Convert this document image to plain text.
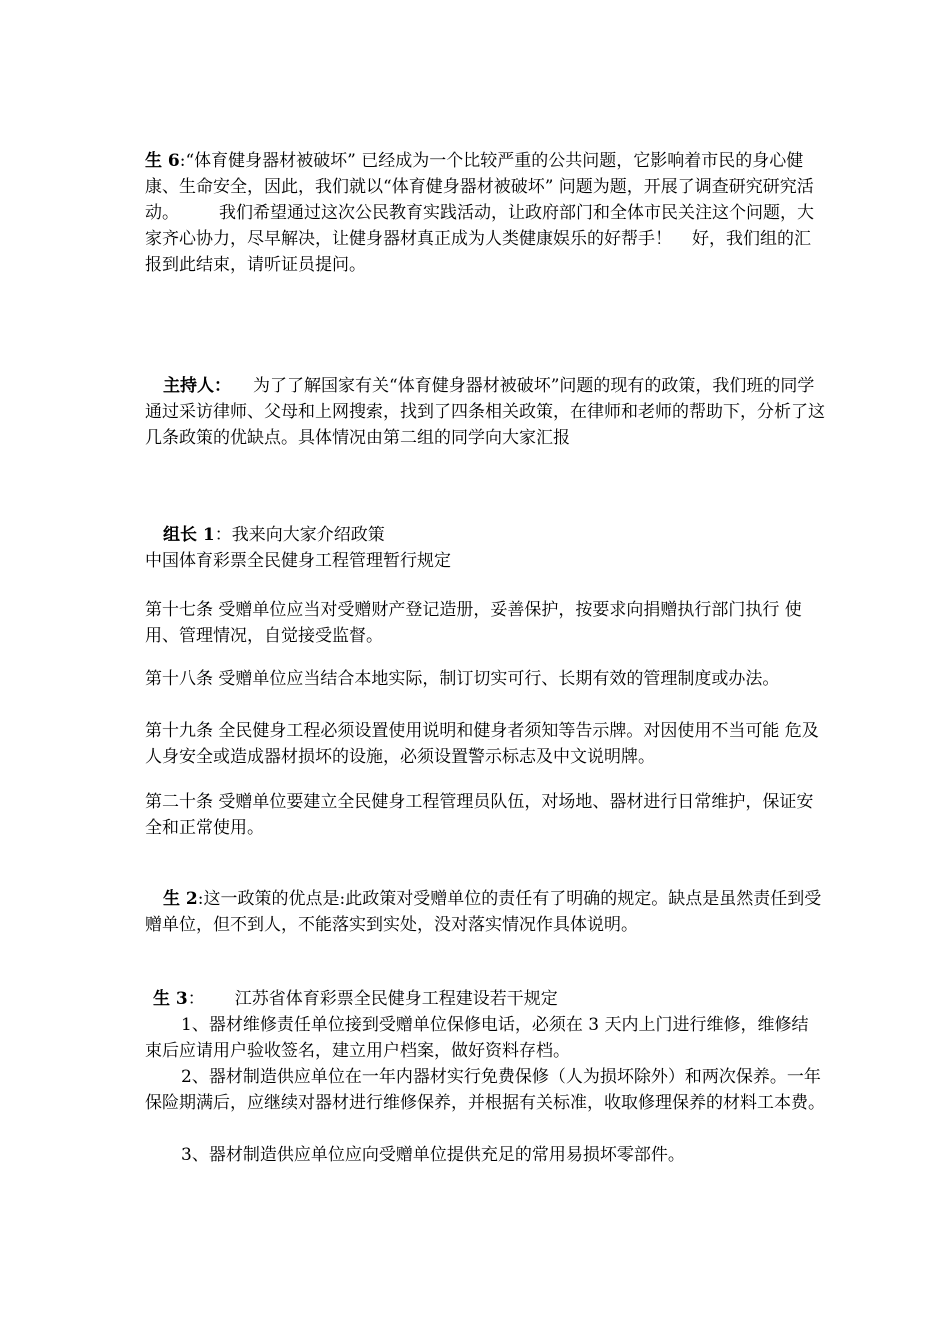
生 6:“体育健身器材被破坏” 已经成为一个比较严重的公共问题，它影响着市民的身心健康、生命安全，因此，我们就以“体育健身器材被破坏” 问题为题，开展了调查研究研究活动。 我们希望通过这次公民教育实践活动，让政府部门和全体市民关注这个问题，大家齐心协力，尽早解决，让健身器材真正成为人类健康娱乐的好帮手！ 好，我们组的汇报到此结束，请听证员提问。

主持人： 为了了解国家有关“体育健身器材被破坏”问题的现有的政策，我们班的同学通过采访律师、父母和上网搜索，找到了四条相关政策，在律师和老师的帮助下，分析了这几条政策的优缺点。具体情况由第二组的同学向大家汇报

组长 1：我来向大家介绍政策

中国体育彩票全民健身工程管理暂行规定

第十七条 受赠单位应当对受赠财产登记造册，妥善保护，按要求向捐赠执行部门执行 使用、管理情况，自觉接受监督。

第十八条 受赠单位应当结合本地实际，制订切实可行、长期有效的管理制度或办法。

第十九条 全民健身工程必须设置使用说明和健身者须知等告示牌。对因使用不当可能 危及人身安全或造成器材损坏的设施，必须设置警示标志及中文说明牌。

第二十条 受赠单位要建立全民健身工程管理员队伍，对场地、器材进行日常维护，保证安全和正常使用。

生 2:这一政策的优点是:此政策对受赠单位的责任有了明确的规定。缺点是虽然责任到受赠单位，但不到人，不能落实到实处，没对落实情况作具体说明。

生 3： 江苏省体育彩票全民健身工程建设若干规定

1、器材维修责任单位接到受赠单位保修电话，必须在 3 天内上门进行维修，维修结束后应请用户验收签名，建立用户档案，做好资料存档。

2、器材制造供应单位在一年内器材实行免费保修（人为损坏除外）和两次保养。一年保险期满后，应继续对器材进行维修保养，并根据有关标准，收取修理保养的材料工本费。

3、器材制造供应单位应向受赠单位提供充足的常用易损坏零部件。
